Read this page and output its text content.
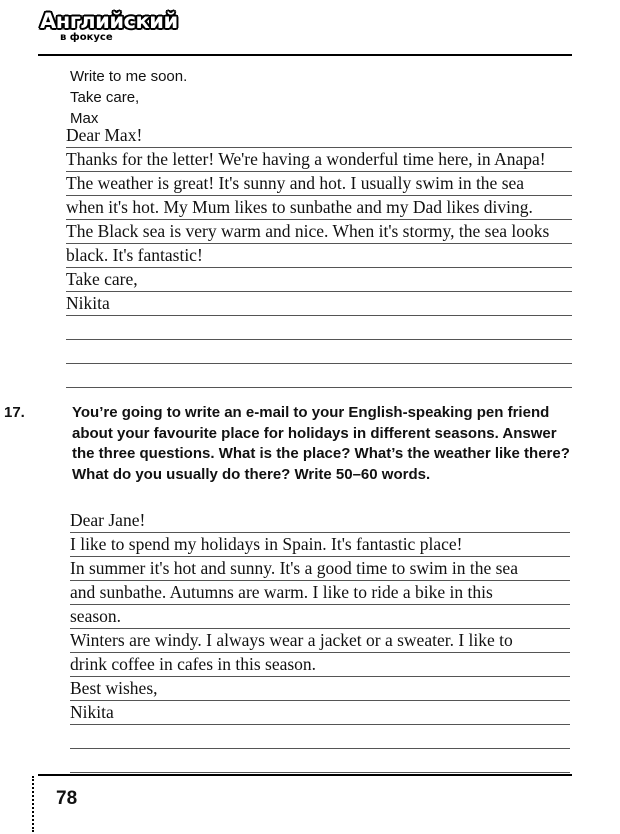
Английский
в фокусе
Write to me soon.
Take care,
Max
Dear Max!
Thanks for the letter! We're having a wonderful time here, in Anapa!
The weather is great! It's sunny and hot. I usually swim in the sea
when it's hot. My Mum likes to sunbathe and my Dad likes diving.
The Black sea is very warm and nice. When it's stormy, the sea looks
black. It's fantastic!
Take care,
Nikita

17.	You’re going to write an e-mail to your English-speaking pen friend about your favourite place for holidays in different seasons. Answer the three questions. What is the place? What’s the weather like there? What do you usually do there? Write 50–60 words.

Dear Jane!
I like to spend my holidays in Spain. It's fantastic place!
In summer it's hot and sunny. It's a good time to swim in the sea
and sunbathe. Autumns are warm. I like to ride a bike in this
season.
Winters are windy. I always wear a jacket or a sweater. I like to
drink coffee in cafes in this season.
Best wishes,
Nikita
78
